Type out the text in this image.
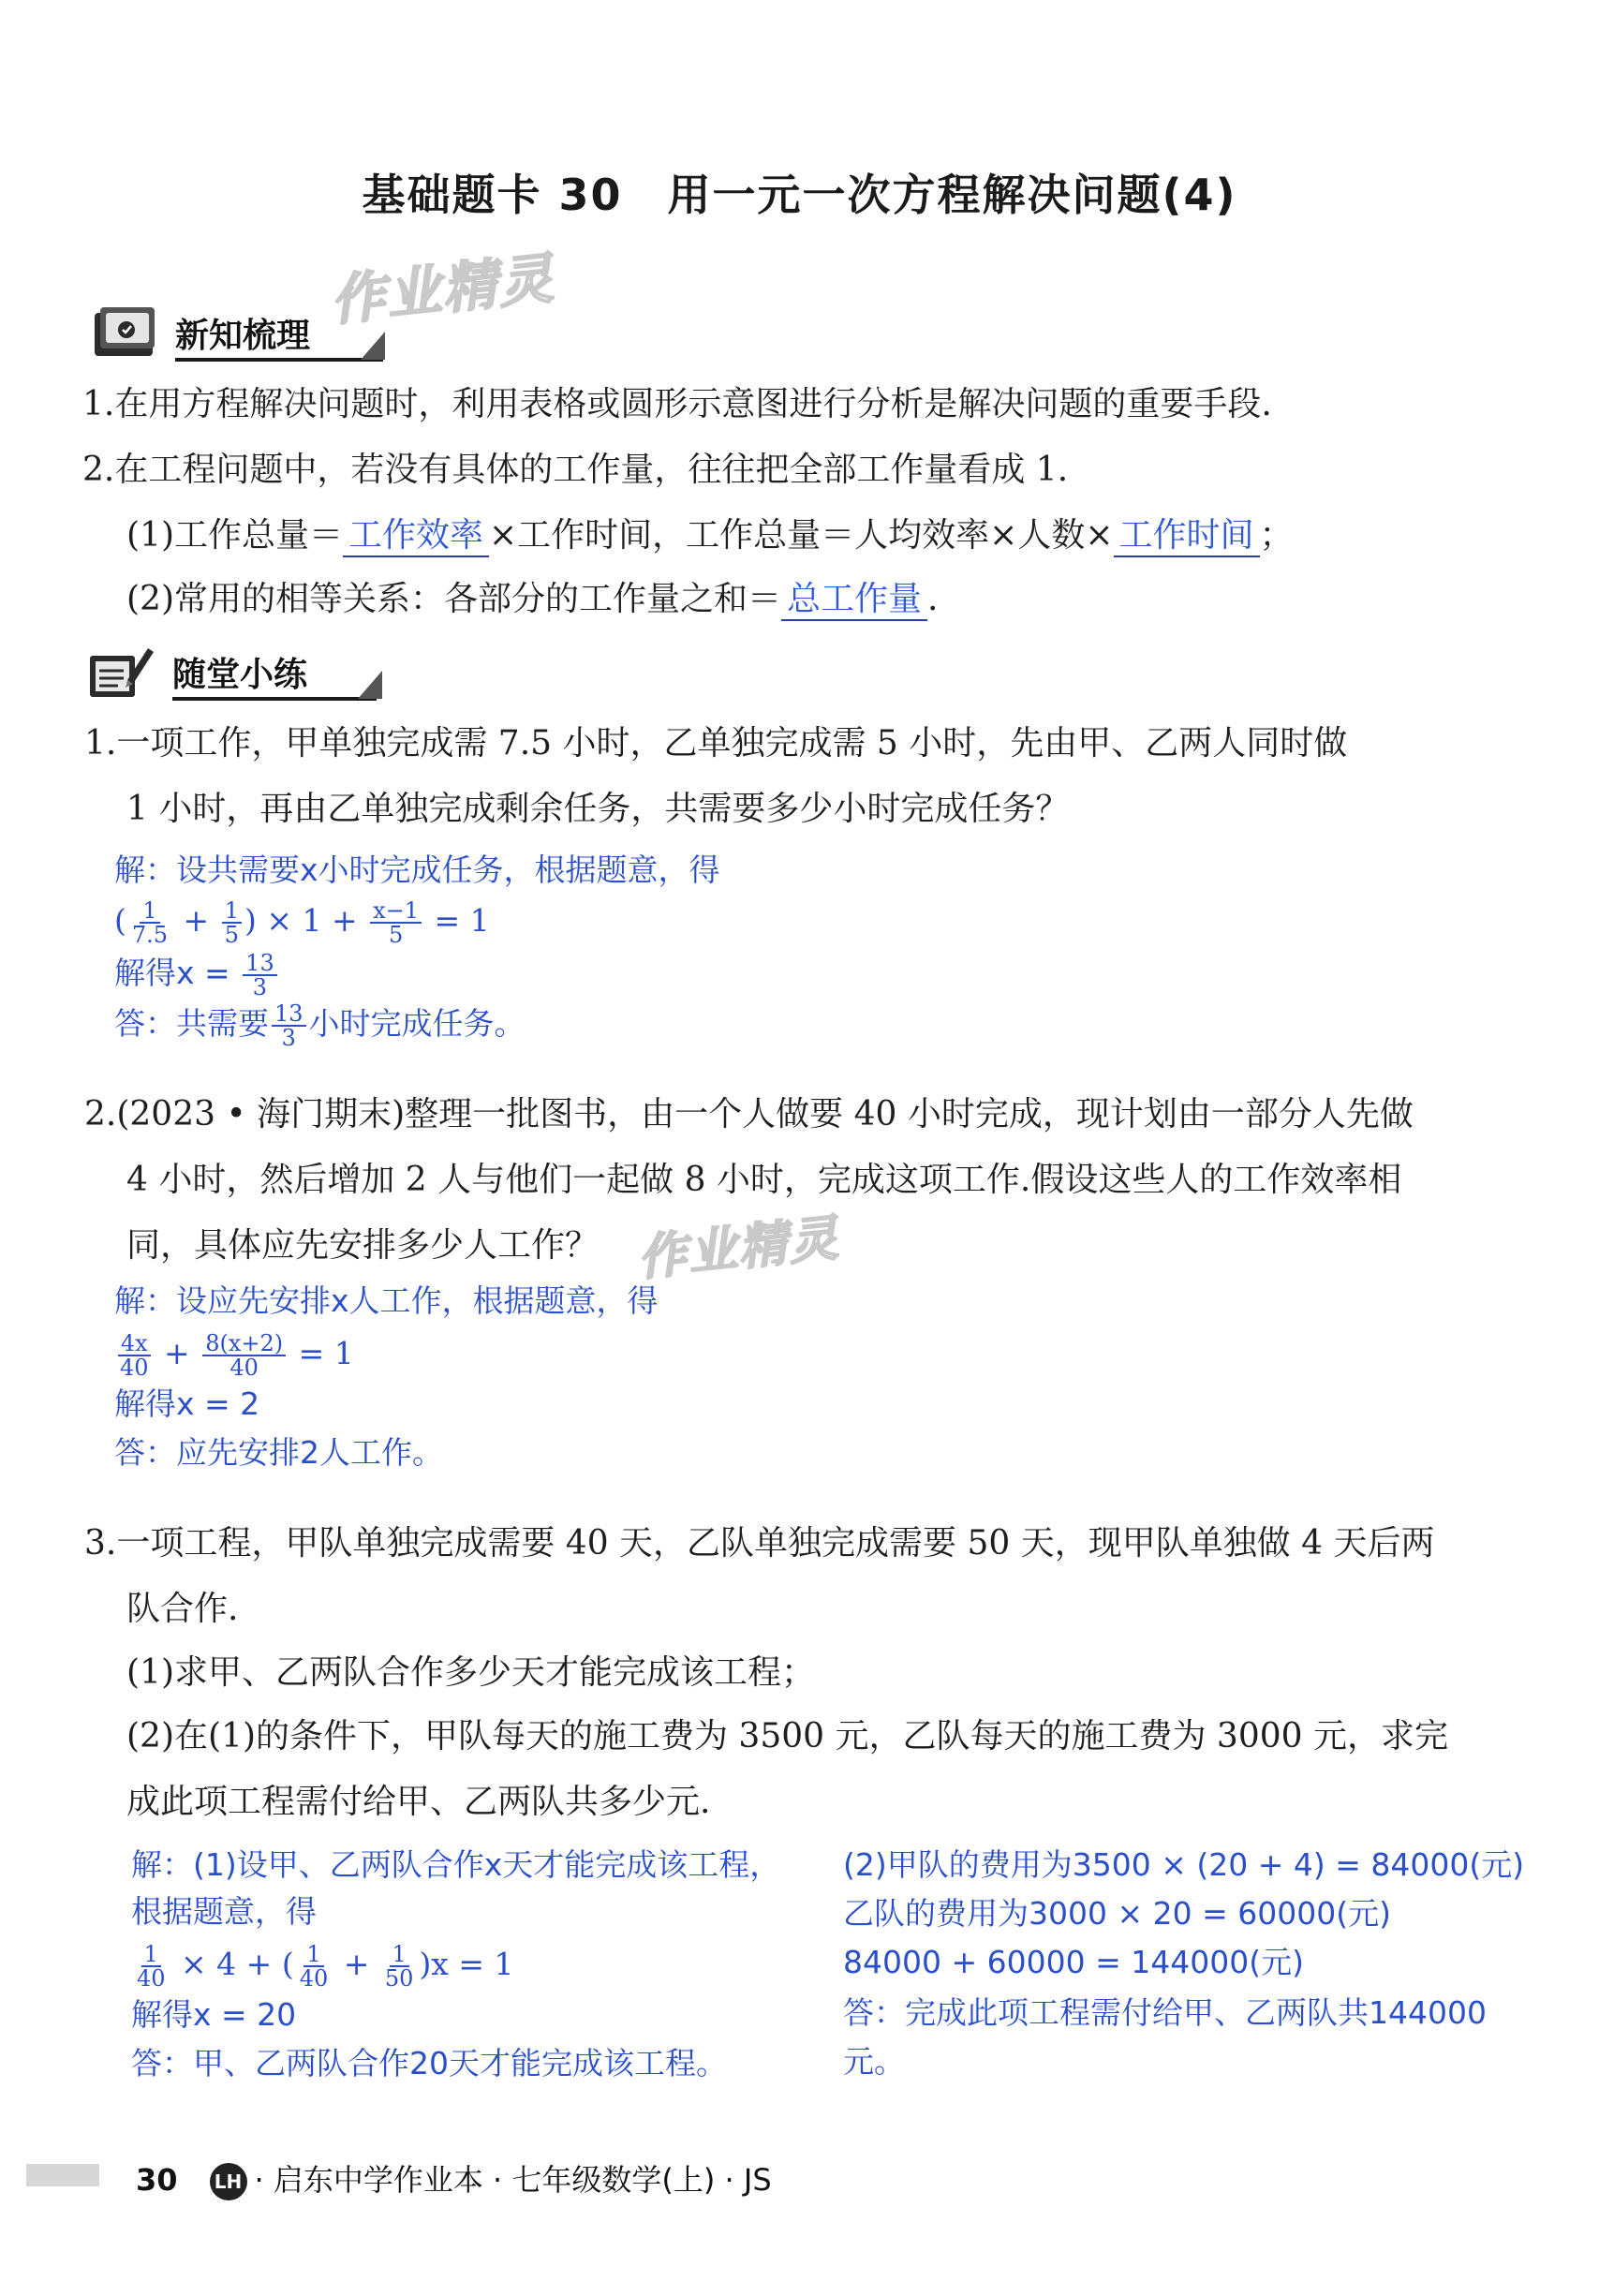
基础题卡 30 用一元一次方程解决问题(4)
作业精灵
作业精灵
新知梳理
1.在用方程解决问题时，利用表格或圆形示意图进行分析是解决问题的重要手段.
2.在工程问题中，若没有具体的工作量，往往把全部工作量看成 1.
(1)工作总量＝ 工作效率 ×工作时间，工作总量＝人均效率×人数× 工作时间 ；
(2)常用的相等关系：各部分的工作量之和＝ 总工作量 .
随堂小练
1.一项工作，甲单独完成需 7.5 小时，乙单独完成需 5 小时，先由甲、乙两人同时做
1 小时，再由乙单独完成剩余任务，共需要多少小时完成任务？
解：设共需要x小时完成任务，根据题意，得
( $\frac{1}{7.5} + \frac{1}{5}$ ) × $1 + \frac{x-1}{5} = 1$
解得$x = \frac{13}{3}$
答：共需要 $\frac{13}{3}$ 小时完成任务。
2.(2023 • 海门期末)整理一批图书，由一个人做要 40 小时完成，现计划由一部分人先做
4 小时，然后增加 2 人与他们一起做 8 小时，完成这项工作.假设这些人的工作效率相
同，具体应先安排多少人工作？
解：设应先安排x人工作，根据题意，得
$\frac{4x}{40} + \frac{8(x+2)}{40} = 1$
解得x = 2
答：应先安排2人工作。
3.一项工程，甲队单独完成需要 40 天，乙队单独完成需要 50 天，现甲队单独做 4 天后两
队合作.
(1)求甲、乙两队合作多少天才能完成该工程；
(2)在(1)的条件下，甲队每天的施工费为 3500 元，乙队每天的施工费为 3000 元，求完
成此项工程需付给甲、乙两队共多少元.
解：(1)设甲、乙两队合作x天才能完成该工程，
根据题意，得
$\frac{1}{40} \times 4$ + ( $\frac{1}{40} + \frac{1}{50} )x = 1$
解得x = 20
答：甲、乙两队合作20天才能完成该工程。
(2)甲队的费用为3500 × (20 + 4) = 84000(元)
乙队的费用为3000 × 20 = 60000(元)
84000 + 60000 = 144000(元)
答：完成此项工程需付给甲、乙两队共144000
元。
30 LH · 启东中学作业本 · 七年级数学(上) · JS
